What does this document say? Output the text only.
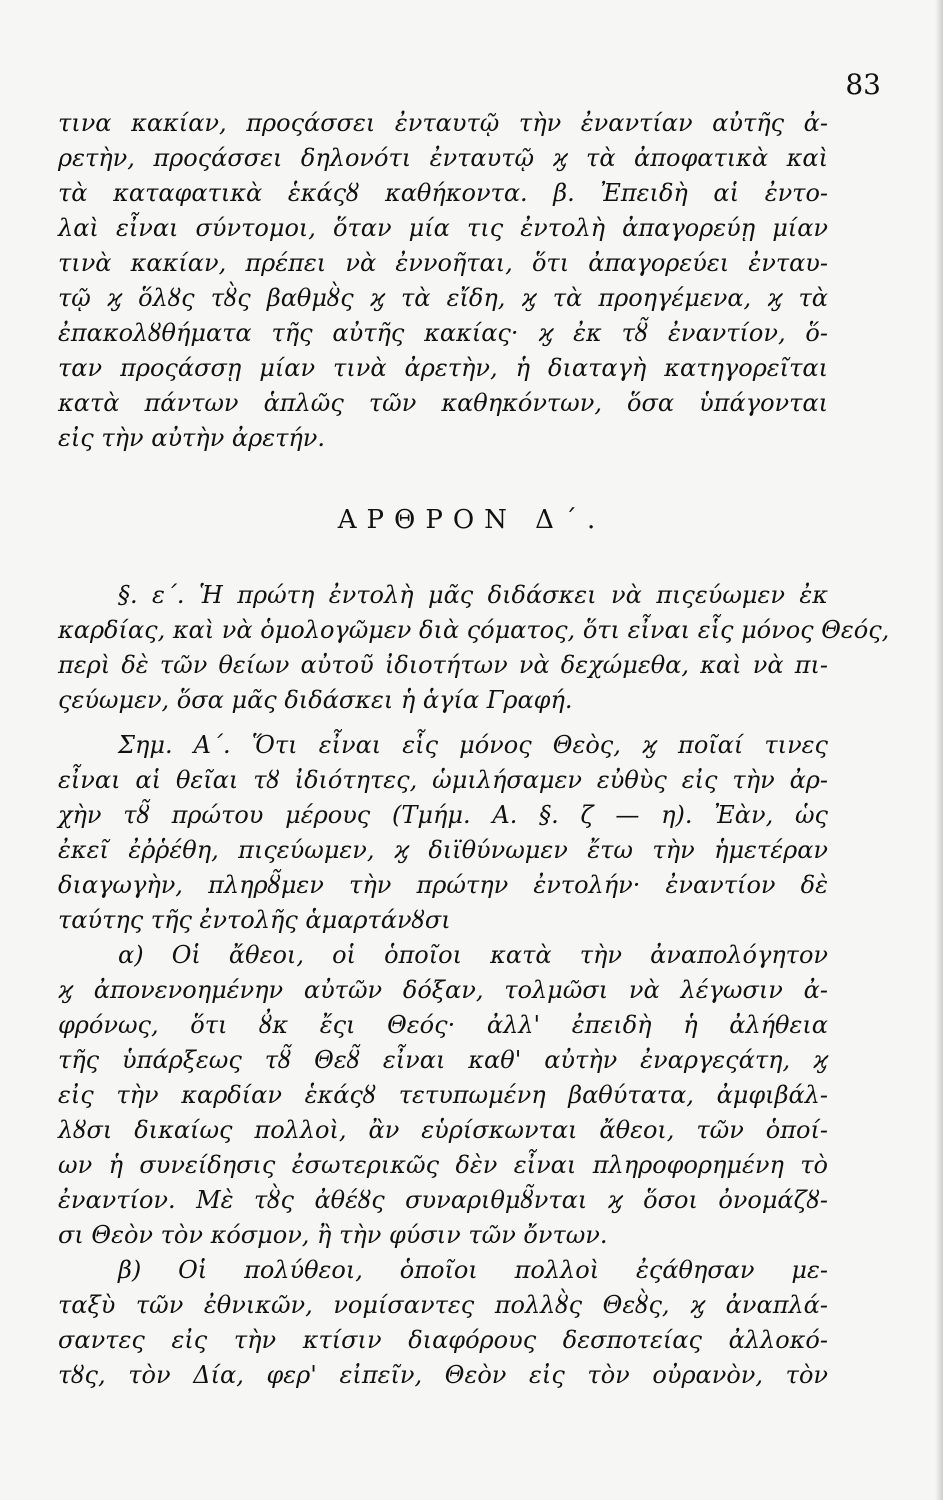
83
τινα κακίαν, προςάσσει ἐνταυτῷ τὴν ἐναντίαν αὐτῆς ἀ-
ρετὴν, προςάσσει δηλονότι ἐνταυτῷ ϗ τὰ ἀποφατικὰ καὶ
τὰ καταφατικὰ ἑκάςȣ καθήκοντα. β. Ἐπειδὴ αἱ ἐντο-
λαὶ εἶναι σύντομοι, ὅταν μία τις ἐντολὴ ἀπαγορεύῃ μίαν
τινὰ κακίαν, πρέπει νὰ ἐννοῆται, ὅτι ἀπαγορεύει ἐνταυ-
τῷ ϗ ὅλȣς τȣ̀ς βαθμȣ̀ς ϗ τὰ εἴδη, ϗ τὰ προηγέμενα, ϗ τὰ
ἐπακολȣθήματα τῆς αὐτῆς κακίας· ϗ ἐκ τȣ̃ ἐναντίον, ὅ-
ταν προςάσσῃ μίαν τινὰ ἀρετὴν, ἡ διαταγὴ κατηγορεῖται
κατὰ πάντων ἁπλῶς τῶν καθηκόντων, ὅσα ὑπάγονται
εἰς τὴν αὐτὴν ἀρετήν.
ΑΡΘΡΟΝ Δ΄.
§. ε΄. Ἡ πρώτη ἐντολὴ μᾶς διδάσκει νὰ πιςεύωμεν ἐκ
καρδίας, καὶ νὰ ὁμολογῶμεν διὰ ςόματος, ὅτι εἶναι εἷς μόνος Θεός,
περὶ δὲ τῶν θείων αὐτοῦ ἰδιοτήτων νὰ δεχώμεθα, καὶ νὰ πι-
ςεύωμεν, ὅσα μᾶς διδάσκει ἡ ἁγία Γραφή.
Σημ. Α΄. Ὅτι εἶναι εἷς μόνος Θεὸς, ϗ ποῖαί τινες
εἶναι αἱ θεῖαι τȣ ἰδιότητες, ὡμιλήσαμεν εὐθὺς εἰς τὴν ἀρ-
χὴν τȣ̃ πρώτου μέρους (Τμήμ. Α. §. ζ — η). Ἐὰν, ὡς
ἐκεῖ ἐῤῥέθη, πιςεύωμεν, ϗ διϊθύνωμεν ἔτω τὴν ἡμετέραν
διαγωγὴν, πληρȣ̃μεν τὴν πρώτην ἐντολήν· ἐναντίον δὲ
ταύτης τῆς ἐντολῆς ἁμαρτάνȣσι
α) Οἱ ἄθεοι, οἱ ὁποῖοι κατὰ τὴν ἀναπολόγητον
ϗ ἀπονενοημένην αὐτῶν δόξαν, τολμῶσι νὰ λέγωσιν ἀ-
φρόνως, ὅτι ȣ̓κ ἔςι Θεός· ἀλλ' ἐπειδὴ ἡ ἀλήθεια
τῆς ὑπάρξεως τȣ̃ Θεȣ̃ εἶναι καθ' αὐτὴν ἐναργεςάτη, ϗ
εἰς τὴν καρδίαν ἑκάςȣ τετυπωμένη βαθύτατα, ἀμφιβάλ-
λȣσι δικαίως πολλοὶ, ἂν εὑρίσκωνται ἄθεοι, τῶν ὁποί-
ων ἡ συνείδησις ἐσωτερικῶς δὲν εἶναι πληροφορημένη τὸ
ἐναντίον. Μὲ τȣ̀ς ἀθέȣς συναριθμȣ̃νται ϗ ὅσοι ὀνομάζȣ-
σι Θεὸν τὸν κόσμον, ἢ τὴν φύσιν τῶν ὄντων.
β) Οἱ πολύθεοι, ὁποῖοι πολλοὶ ἐςάθησαν με-
ταξὺ τῶν ἐθνικῶν, νομίσαντες πολλȣ̀ς Θεȣ̀ς, ϗ ἀναπλά-
σαντες εἰς τὴν κτίσιν διαφόρους δεσποτείας ἀλλοκό-
τȣς, τὸν Δία, φερ' εἰπεῖν, Θεὸν εἰς τὸν οὐρανὸν, τὸν
